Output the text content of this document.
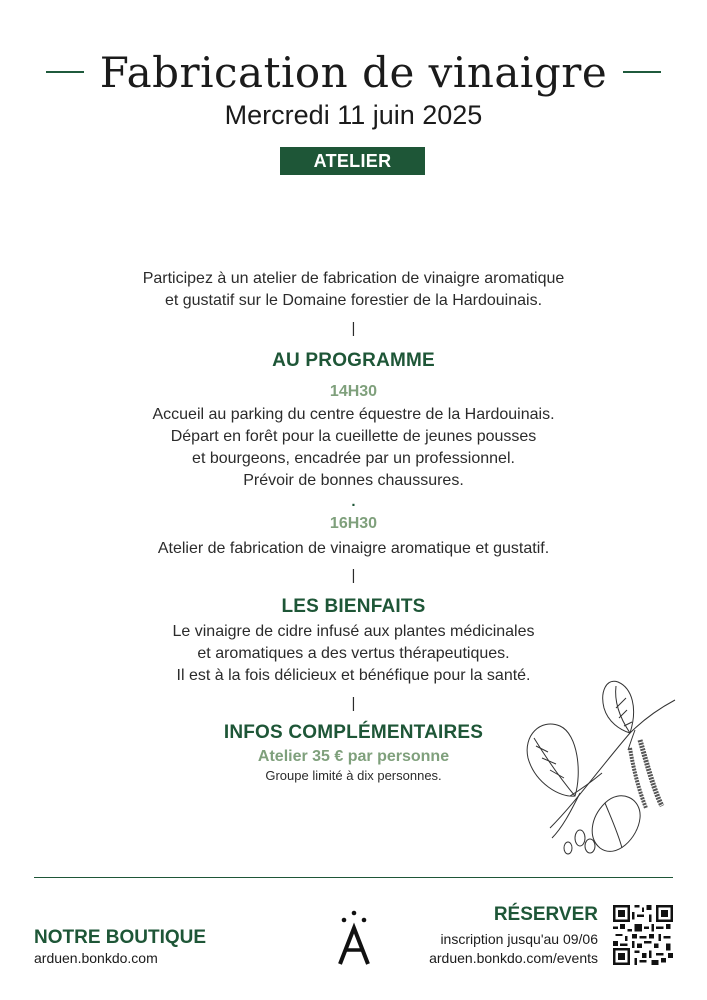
Fabrication de vinaigre
Mercredi 11 juin 2025
ATELIER
Participez à un atelier de fabrication de vinaigre aromatique
et gustatif sur le Domaine forestier de la Hardouinais.
|
AU PROGRAMME
14H30
Accueil au parking du centre équestre de la Hardouinais.
Départ en forêt pour la cueillette de jeunes pousses
et bourgeons, encadrée par un professionnel.
Prévoir de bonnes chaussures.
.
16H30
Atelier de fabrication de vinaigre aromatique et gustatif.
|
LES BIENFAITS
Le vinaigre de cidre infusé aux plantes médicinales
et aromatiques a des vertus thérapeutiques.
Il est à la fois délicieux et bénéfique pour la santé.
|
INFOS COMPLÉMENTAIRES
Atelier 35 € par personne
Groupe limité à dix personnes.
NOTRE BOUTIQUE
arduen.bonkdo.com
RÉSERVER
inscription jusqu'au 09/06
arduen.bonkdo.com/events
